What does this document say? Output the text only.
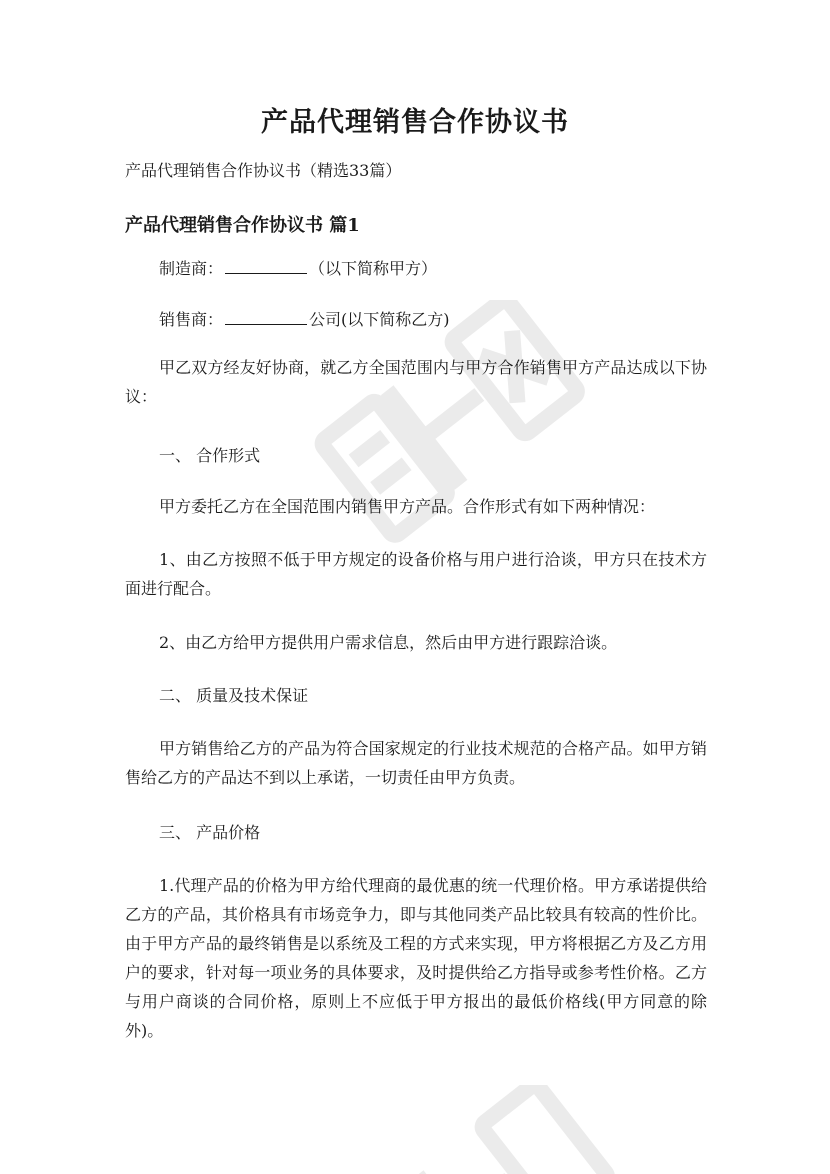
产品代理销售合作协议书

产品代理销售合作协议书（精选33篇）

产品代理销售合作协议书 篇1

制造商：	（以下简称甲方）

销售商：	公司(以下简称乙方)

甲乙双方经友好协商，就乙方全国范围内与甲方合作销售甲方产品达成以下协议：

一、 合作形式

甲方委托乙方在全国范围内销售甲方产品。合作形式有如下两种情况：

1、由乙方按照不低于甲方规定的设备价格与用户进行洽谈，甲方只在技术方面进行配合。

2、由乙方给甲方提供用户需求信息，然后由甲方进行跟踪洽谈。

二、 质量及技术保证

甲方销售给乙方的产品为符合国家规定的行业技术规范的合格产品。如甲方销售给乙方的产品达不到以上承诺，一切责任由甲方负责。

三、 产品价格

1.代理产品的价格为甲方给代理商的最优惠的统一代理价格。甲方承诺提供给乙方的产品，其价格具有市场竞争力，即与其他同类产品比较具有较高的性价比。由于甲方产品的最终销售是以系统及工程的方式来实现，甲方将根据乙方及乙方用户的要求，针对每一项业务的具体要求，及时提供给乙方指导或参考性价格。乙方与用户商谈的合同价格，原则上不应低于甲方报出的最低价格线(甲方同意的除外)。
